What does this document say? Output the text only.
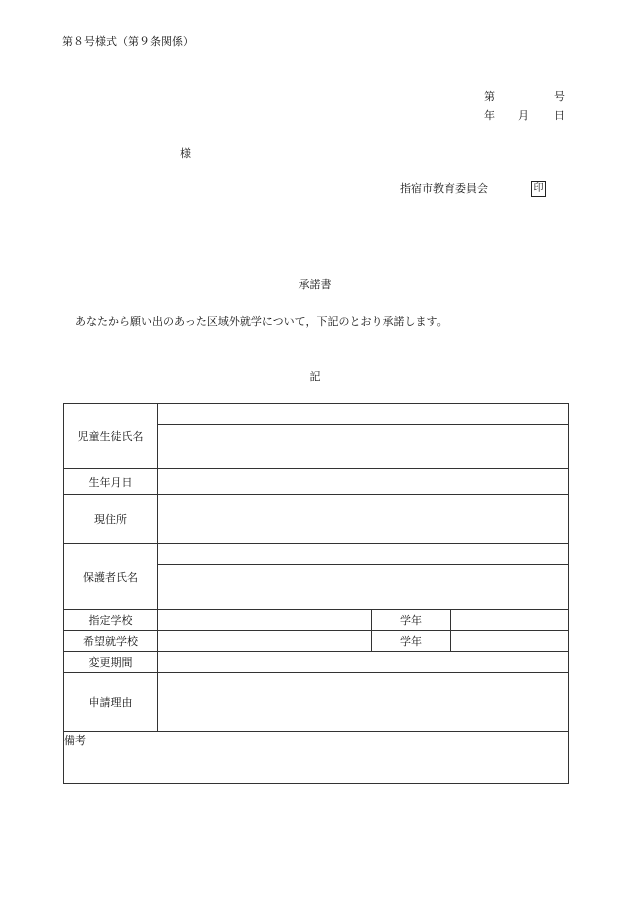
第８号様式（第９条関係）
第	号
年 月 日
様
指宿市教育委員会	印
承諾書
あなたから願い出のあった区域外就学について，下記のとおり承諾します。
記
児童生徒氏名			

生年月日			
現住所			
保護者氏名			

指定学校		学年	
希望就学校		学年	
変更期間			
申請理由			
備考			
